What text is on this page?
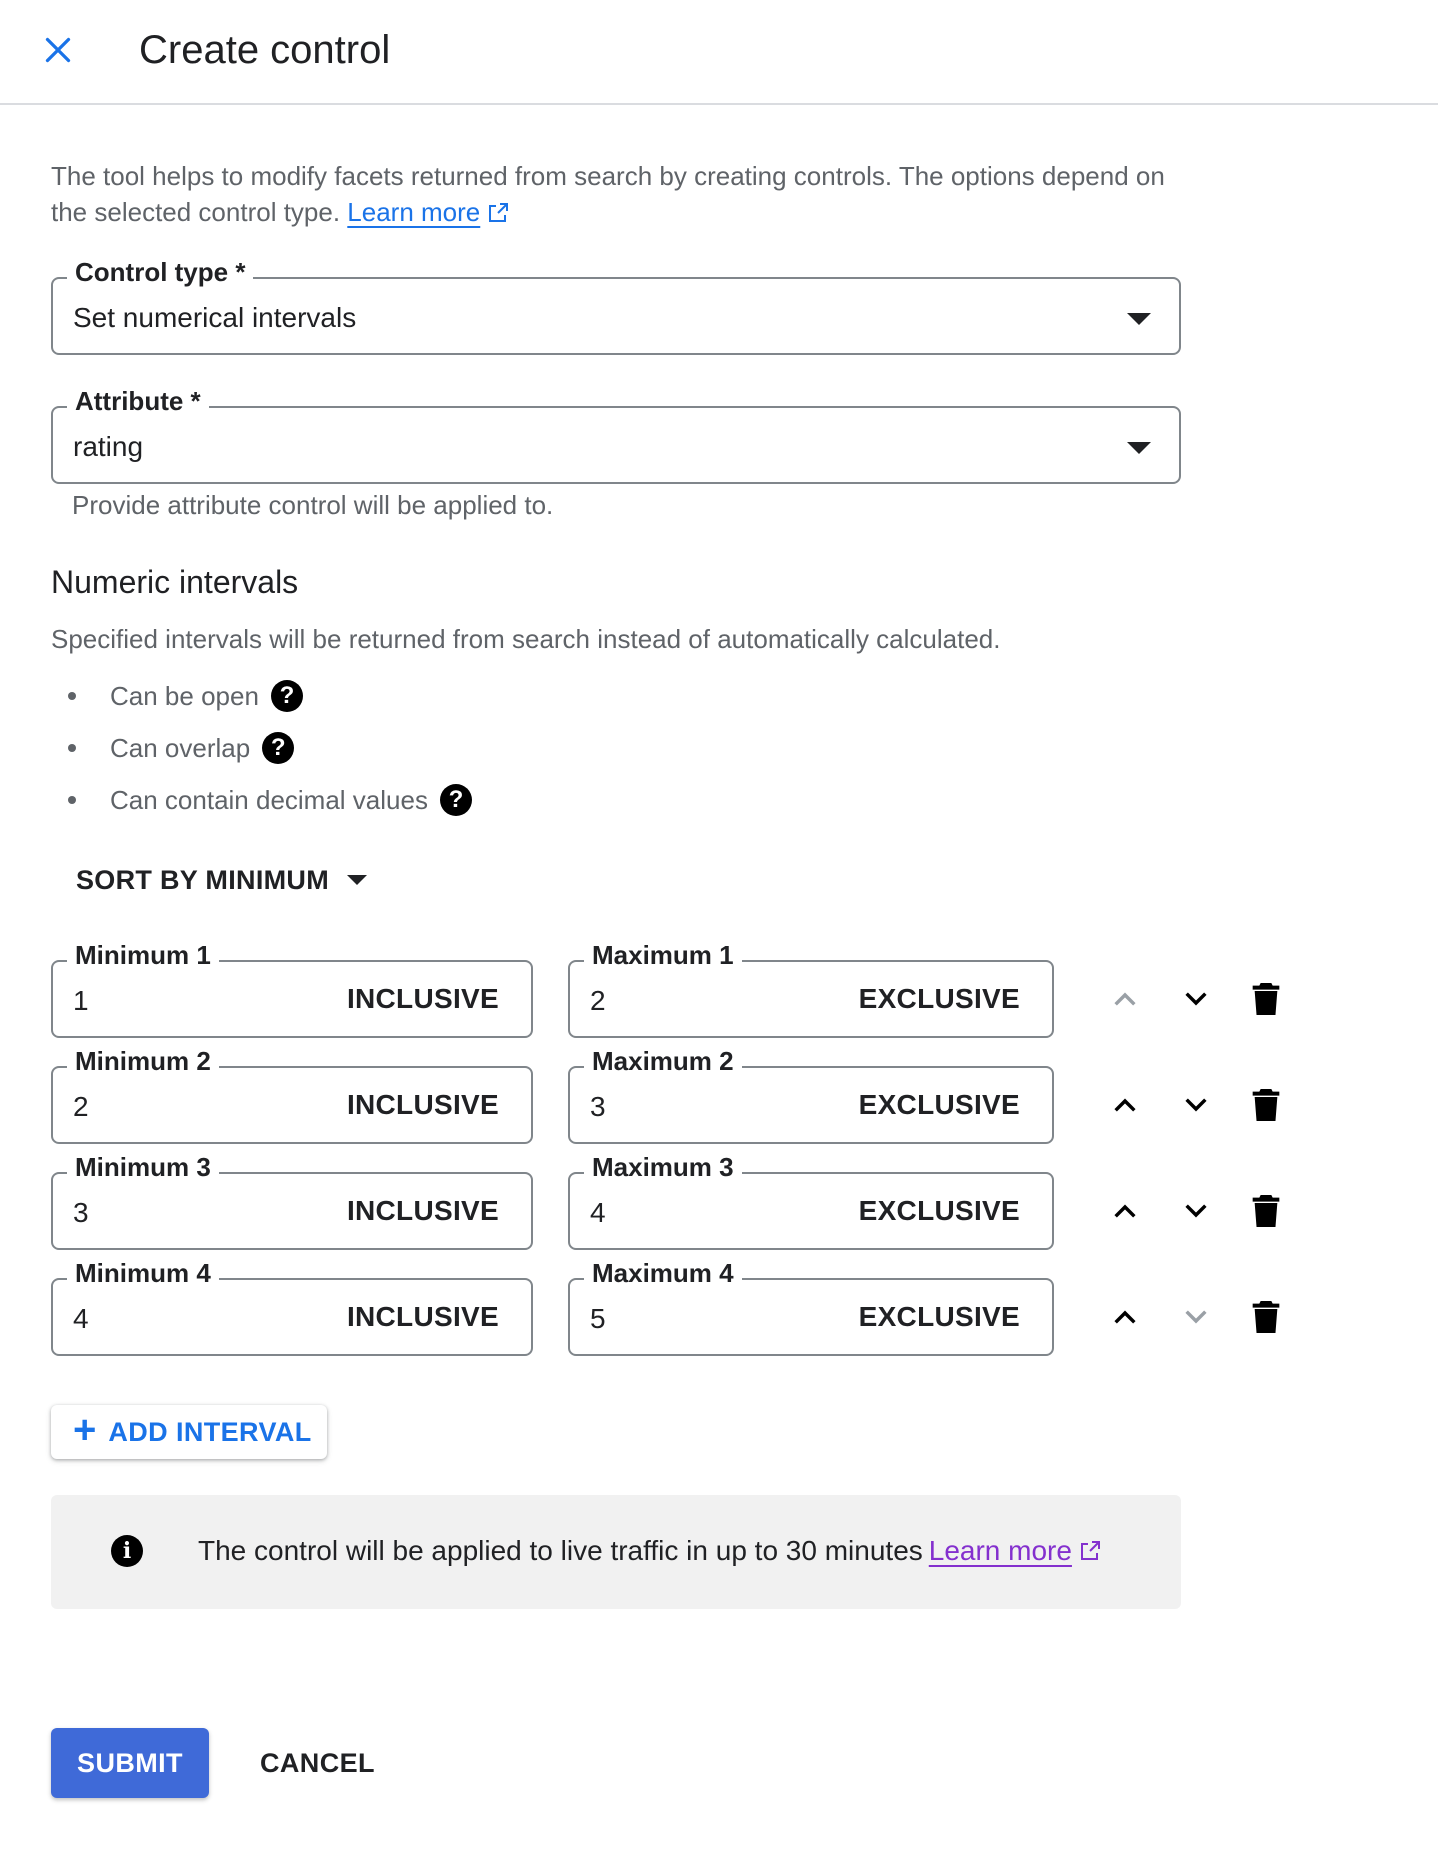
Create control
The tool helps to modify facets returned from search by creating controls. The options depend on the selected control type. Learn more
Control type *
Set numerical intervals
Attribute *
rating
Provide attribute control will be applied to.
Numeric intervals
Specified intervals will be returned from search instead of automatically calculated.
Can be open ?
Can overlap ?
Can contain decimal values ?
SORT BY MINIMUM
Minimum 1
1	INCLUSIVE
Maximum 1
2	EXCLUSIVE
Minimum 2
2	INCLUSIVE
Maximum 2
3	EXCLUSIVE
Minimum 3
3	INCLUSIVE
Maximum 3
4	EXCLUSIVE
Minimum 4
4	INCLUSIVE
Maximum 4
5	EXCLUSIVE
+ ADD INTERVAL
i	The control will be applied to live traffic in up to 30 minutes Learn more
SUBMIT	CANCEL
